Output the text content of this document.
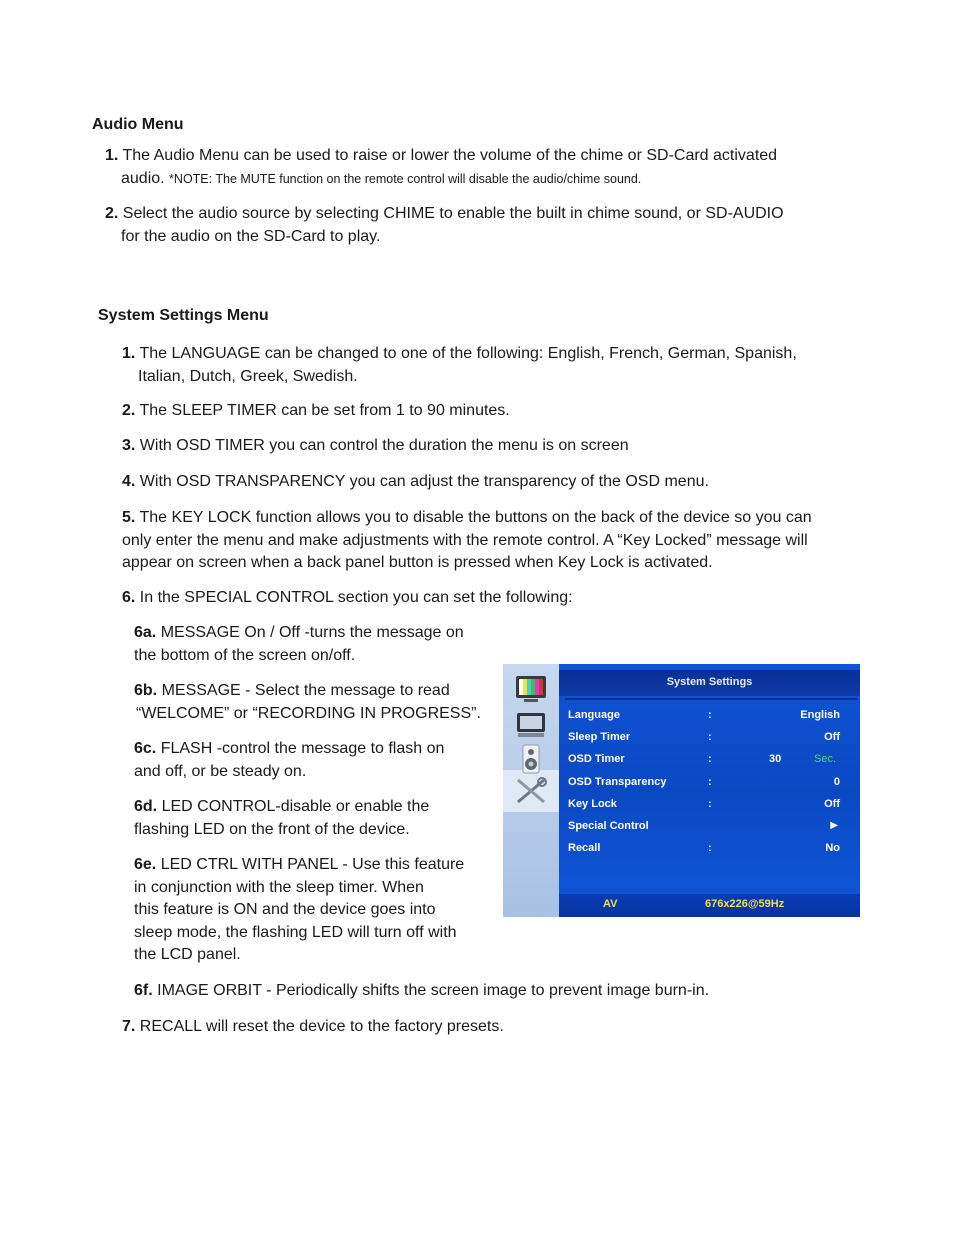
Audio Menu
1. The Audio Menu can be used to raise or lower the volume of the chime or SD-Card activated
audio. *NOTE: The MUTE function on the remote control will disable the audio/chime sound.
2. Select the audio source by selecting CHIME to enable the built in chime sound, or SD-AUDIO
for the audio on the SD-Card to play.
System Settings Menu
1. The LANGUAGE can be changed to one of the following: English, French, German, Spanish,
Italian, Dutch, Greek, Swedish.
2. The SLEEP TIMER can be set from 1 to 90 minutes.
3. With OSD TIMER you can control the duration the menu is on screen
4. With OSD TRANSPARENCY you can adjust the transparency of the OSD menu.
5. The KEY LOCK function allows you to disable the buttons on the back of the device so you can
only enter the menu and make adjustments with the remote control. A “Key Locked” message will
appear on screen when a back panel button is pressed when Key Lock is activated.
6. In the SPECIAL CONTROL section you can set the following:
6a. MESSAGE On / Off -turns the message on
the bottom of the screen on/off.
6b. MESSAGE - Select the message to read
“WELCOME” or “RECORDING IN PROGRESS”.
6c. FLASH -control the message to flash on
and off, or be steady on.
6d. LED CONTROL-disable or enable the
flashing LED on the front of the device.
6e. LED CTRL WITH PANEL - Use this feature
in conjunction with the sleep timer. When
this feature is ON and the device goes into
sleep mode, the flashing LED will turn off with
the LCD panel.
6f. IMAGE ORBIT - Periodically shifts the screen image to prevent image burn-in.
7. RECALL will reset the device to the factory presets.
System Settings
Language	:	English
Sleep Timer	:	Off
OSD Timer	:	30	Sec.
OSD Transparency	:	0
Key Lock	:	Off
Special Control	▶
Recall	:	No
AV	676x226@59Hz
